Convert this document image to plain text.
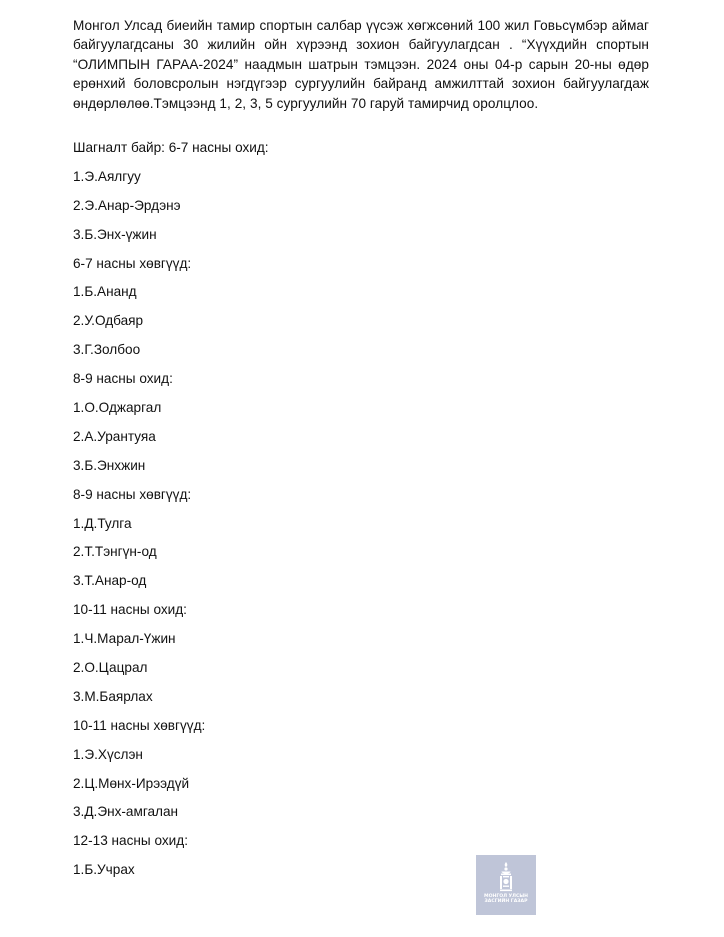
Монгол Улсад биеийн тамир спортын салбар үүсэж хөгжсөний 100 жил Говьсүмбэр аймаг байгуулагдсаны 30 жилийн ойн хүрээнд зохион байгуулагдсан . “Хүүхдийн спортын “ОЛИМПЫН ГАРАА-2024” наадмын шатрын тэмцээн. 2024 оны 04-р сарын 20-ны өдөр ерөнхий боловсролын нэгдүгээр сургуулийн байранд амжилттай зохион байгуулагдаж өндөрлөлөө.Тэмцээнд 1, 2, 3, 5 сургуулийн 70 гаруй тамирчид оролцлоо.

Шагналт байр: 6-7 насны охид:
1.Э.Аялгуу
2.Э.Анар-Эрдэнэ
3.Б.Энх-үжин
6-7 насны хөвгүүд:
1.Б.Ананд
2.У.Одбаяр
3.Г.Золбоо
8-9 насны охид:
1.О.Оджаргал
2.А.Урантуяа
3.Б.Энхжин
8-9 насны хөвгүүд:
1.Д.Тулга
2.Т.Тэнгүн-од
3.Т.Анар-од
10-11 насны охид:
1.Ч.Марал-Үжин
2.О.Цацрал
3.М.Баярлах
10-11 насны хөвгүүд:
1.Э.Хүслэн
2.Ц.Мөнх-Ирээдүй
3.Д.Энх-амгалан
12-13 насны охид:
1.Б.Учрах
МОНГОЛ УЛСЫН
ЗАСГИЙН ГАЗАР
